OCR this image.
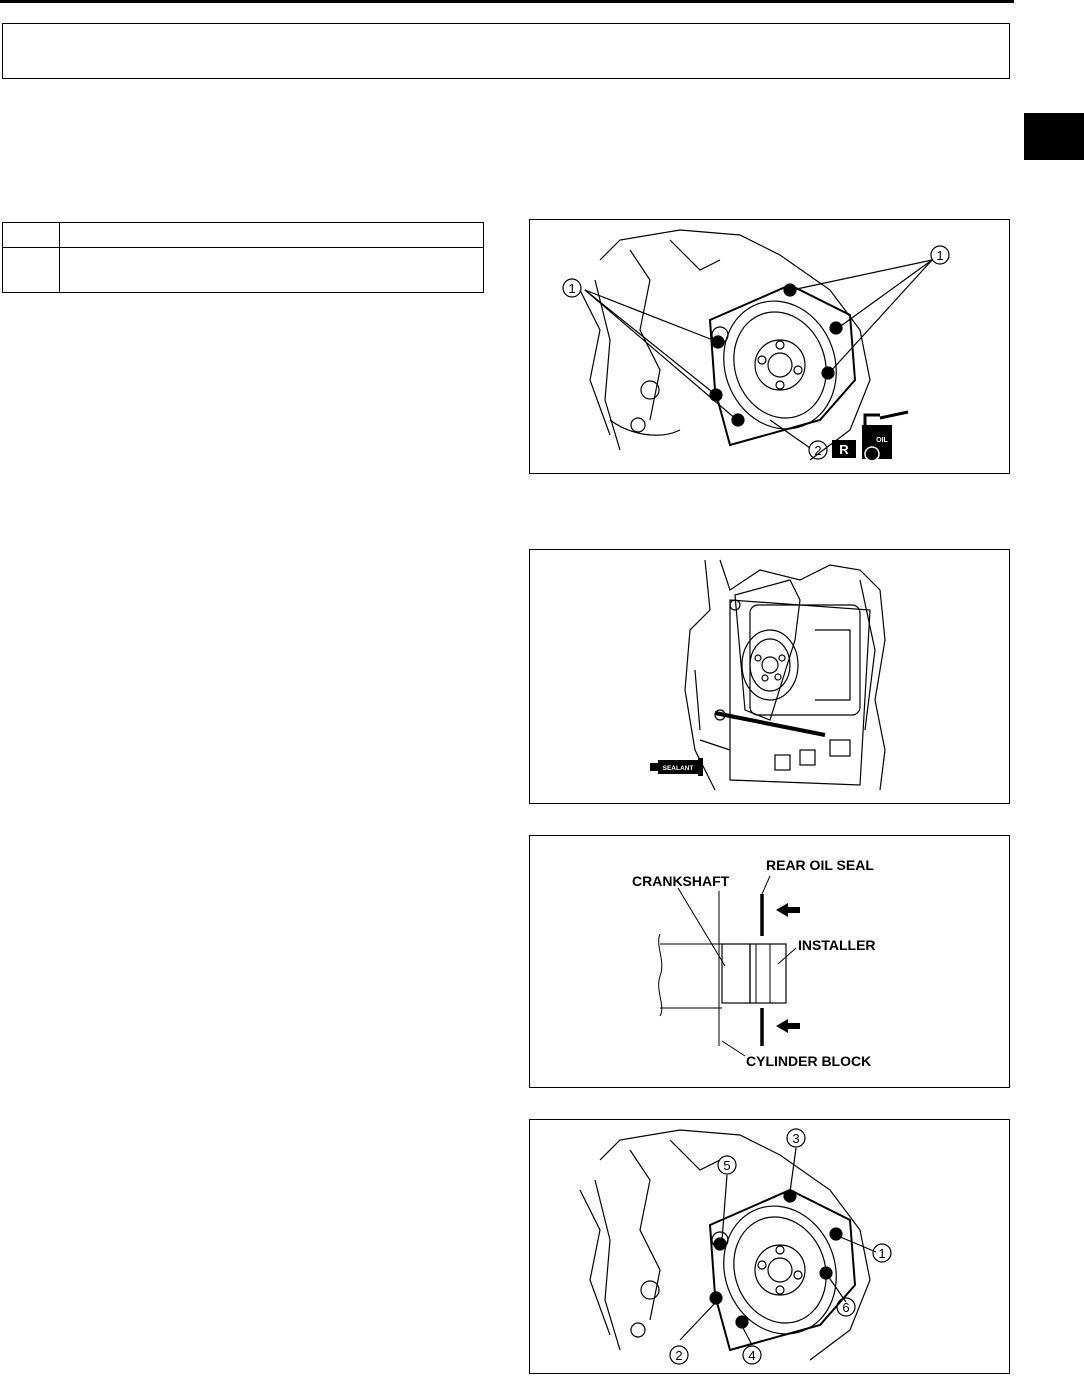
1
1
2 R
OIL
SEALANT
CRANKSHAFT
REAR OIL SEAL
INSTALLER
CYLINDER BLOCK
3
5
1
6
2	4
